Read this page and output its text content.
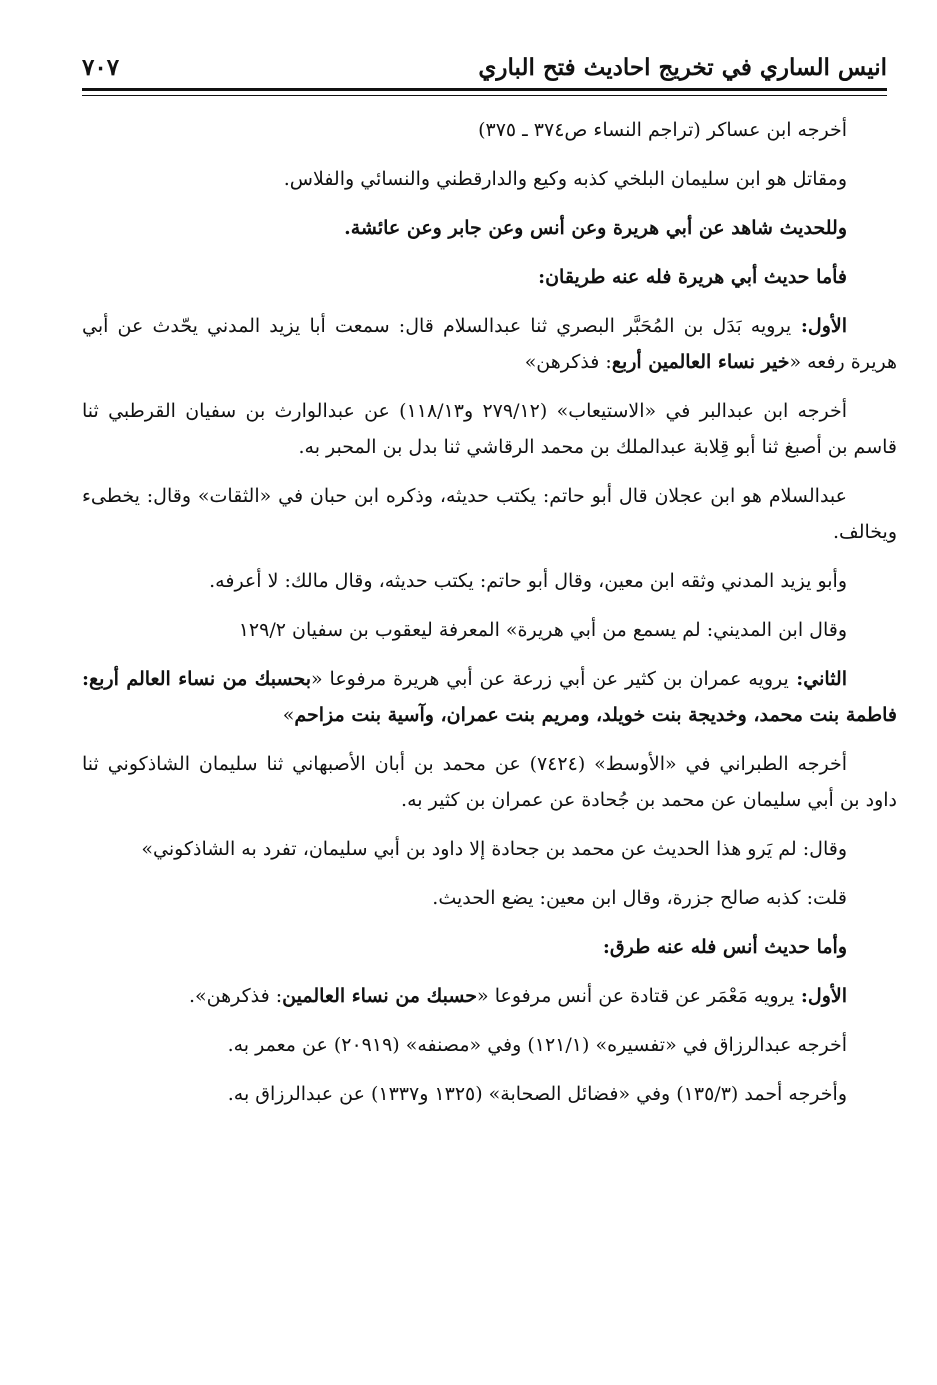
انيس الساري في تخريج احاديث فتح الباري
٧٠٧

أخرجه ابن عساكر (تراجم النساء ص٣٧٤ ـ ٣٧٥)

ومقاتل هو ابن سليمان البلخي كذبه وكيع والدارقطني والنسائي والفلاس.

وللحديث شاهد عن أبي هريرة وعن أنس وعن جابر وعن عائشة.

فأما حديث أبي هريرة فله عنه طريقان:

الأول: يرويه بَدَل بن المُحَبَّر البصري ثنا عبدالسلام قال: سمعت أبا يزيد المدني يحّدث عن أبي هريرة رفعه «خير نساء العالمين أربع: فذكرهن»

أخرجه ابن عبدالبر في «الاستيعاب» (٢٧٩/١٢ و١١٨/١٣) عن عبدالوارث بن سفيان القرطبي ثنا قاسم بن أصبغ ثنا أبو قِلابة عبدالملك بن محمد الرقاشي ثنا بدل بن المحبر به.

عبدالسلام هو ابن عجلان قال أبو حاتم: يكتب حديثه، وذكره ابن حبان في «الثقات» وقال: يخطىء ويخالف.

وأبو يزيد المدني وثقه ابن معين، وقال أبو حاتم: يكتب حديثه، وقال مالك: لا أعرفه.

وقال ابن المديني: لم يسمع من أبي هريرة» المعرفة ليعقوب بن سفيان ١٢٩/٢

الثاني: يرويه عمران بن كثير عن أبي زرعة عن أبي هريرة مرفوعا «بحسبك من نساء العالم أربع: فاطمة بنت محمد، وخديجة بنت خويلد، ومريم بنت عمران، وآسية بنت مزاحم»

أخرجه الطبراني في «الأوسط» (٧٤٢٤) عن محمد بن أبان الأصبهاني ثنا سليمان الشاذكوني ثنا داود بن أبي سليمان عن محمد بن جُحادة عن عمران بن كثير به.

وقال: لم يَرو هذا الحديث عن محمد بن جحادة إلا داود بن أبي سليمان، تفرد به الشاذكوني»

قلت: كذبه صالح جزرة، وقال ابن معين: يضع الحديث.

وأما حديث أنس فله عنه طرق:

الأول: يرويه مَعْمَر عن قتادة عن أنس مرفوعا «حسبك من نساء العالمين: فذكرهن».

أخرجه عبدالرزاق في «تفسيره» (١٢١/١) وفي «مصنفه» (٢٠٩١٩) عن معمر به.

وأخرجه أحمد (١٣٥/٣) وفي «فضائل الصحابة» (١٣٢٥ و١٣٣٧) عن عبدالرزاق به.
